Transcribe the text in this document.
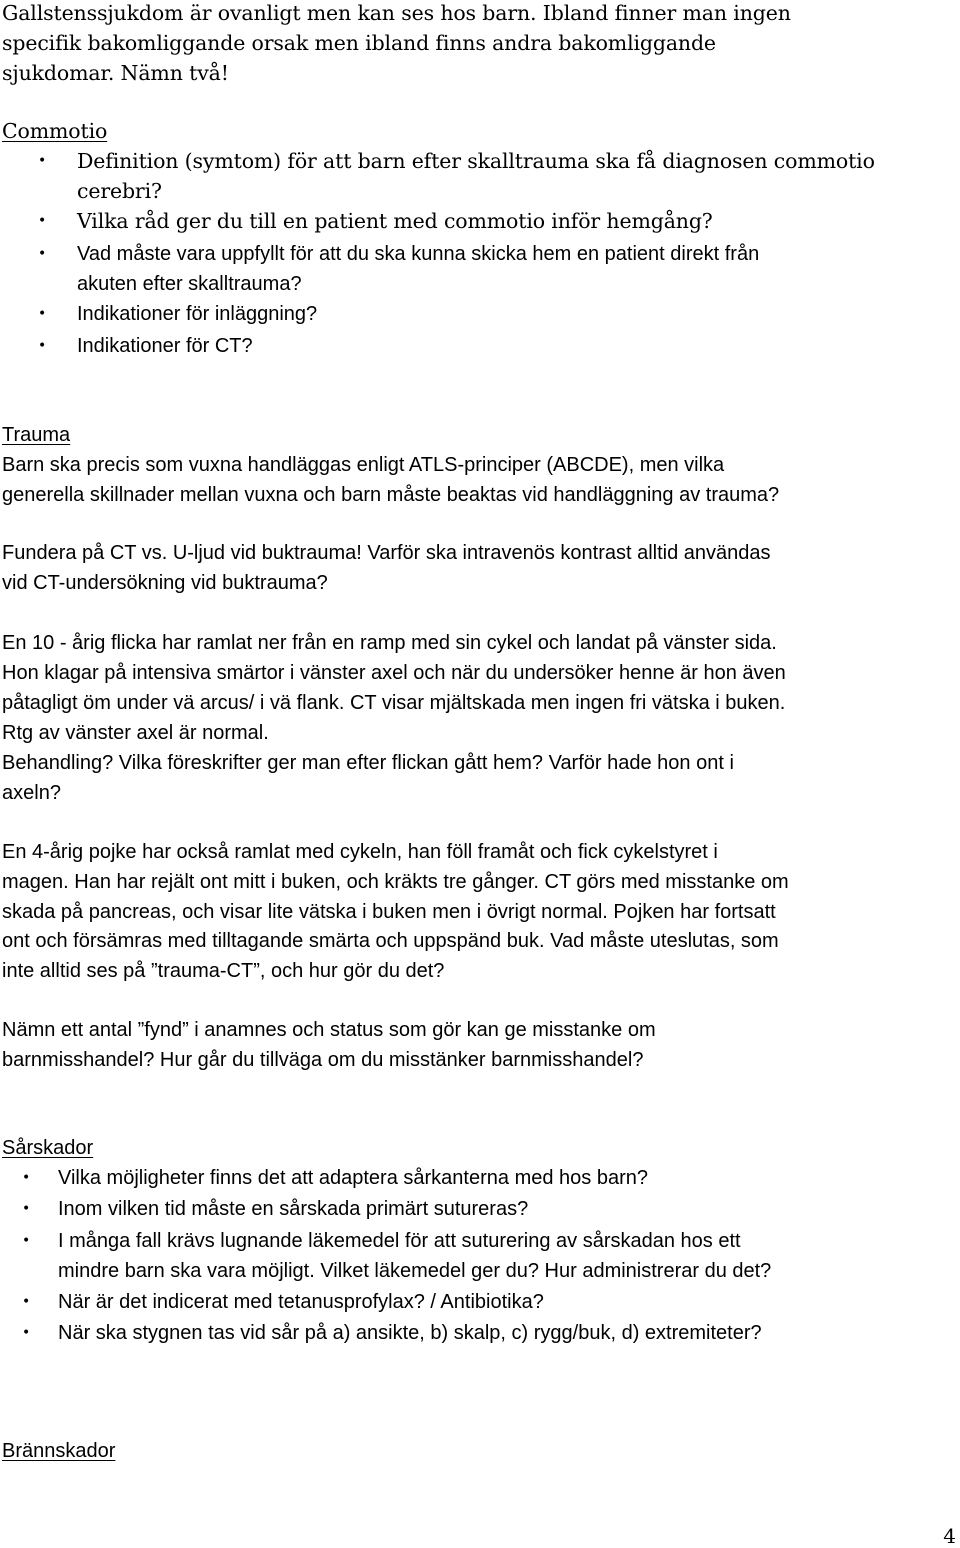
Gallstenssjukdom är ovanligt men kan ses hos barn. Ibland finner man ingen
specifik bakomliggande orsak men ibland finns andra bakomliggande
sjukdomar. Nämn två!
Commotio
• Definition (symtom) för att barn efter skalltrauma ska få diagnosen commotio
cerebri?
• Vilka råd ger du till en patient med commotio inför hemgång?
• Vad måste vara uppfyllt för att du ska kunna skicka hem en patient direkt från
akuten efter skalltrauma?
• Indikationer för inläggning?
• Indikationer för CT?
Trauma
Barn ska precis som vuxna handläggas enligt ATLS-principer (ABCDE), men vilka
generella skillnader mellan vuxna och barn måste beaktas vid handläggning av trauma?
Fundera på CT vs. U-ljud vid buktrauma! Varför ska intravenös kontrast alltid användas
vid CT-undersökning vid buktrauma?
En 10 - årig flicka har ramlat ner från en ramp med sin cykel och landat på vänster sida.
Hon klagar på intensiva smärtor i vänster axel och när du undersöker henne är hon även
påtagligt öm under vä arcus/ i vä flank. CT visar mjältskada men ingen fri vätska i buken.
Rtg av vänster axel är normal.
Behandling? Vilka föreskrifter ger man efter flickan gått hem? Varför hade hon ont i
axeln?
En 4-årig pojke har också ramlat med cykeln, han föll framåt och fick cykelstyret i
magen. Han har rejält ont mitt i buken, och kräkts tre gånger. CT görs med misstanke om
skada på pancreas, och visar lite vätska i buken men i övrigt normal. Pojken har fortsatt
ont och försämras med tilltagande smärta och uppspänd buk. Vad måste uteslutas, som
inte alltid ses på ”trauma-CT”, och hur gör du det?
Nämn ett antal ”fynd” i anamnes och status som gör kan ge misstanke om
barnmisshandel? Hur går du tillväga om du misstänker barnmisshandel?
Sårskador
• Vilka möjligheter finns det att adaptera sårkanterna med hos barn?
• Inom vilken tid måste en sårskada primärt sutureras?
• I många fall krävs lugnande läkemedel för att suturering av sårskadan hos ett
mindre barn ska vara möjligt. Vilket läkemedel ger du? Hur administrerar du det?
• När är det indicerat med tetanusprofylax? / Antibiotika?
• När ska stygnen tas vid sår på a) ansikte, b) skalp, c) rygg/buk, d) extremiteter?
Brännskador
4
